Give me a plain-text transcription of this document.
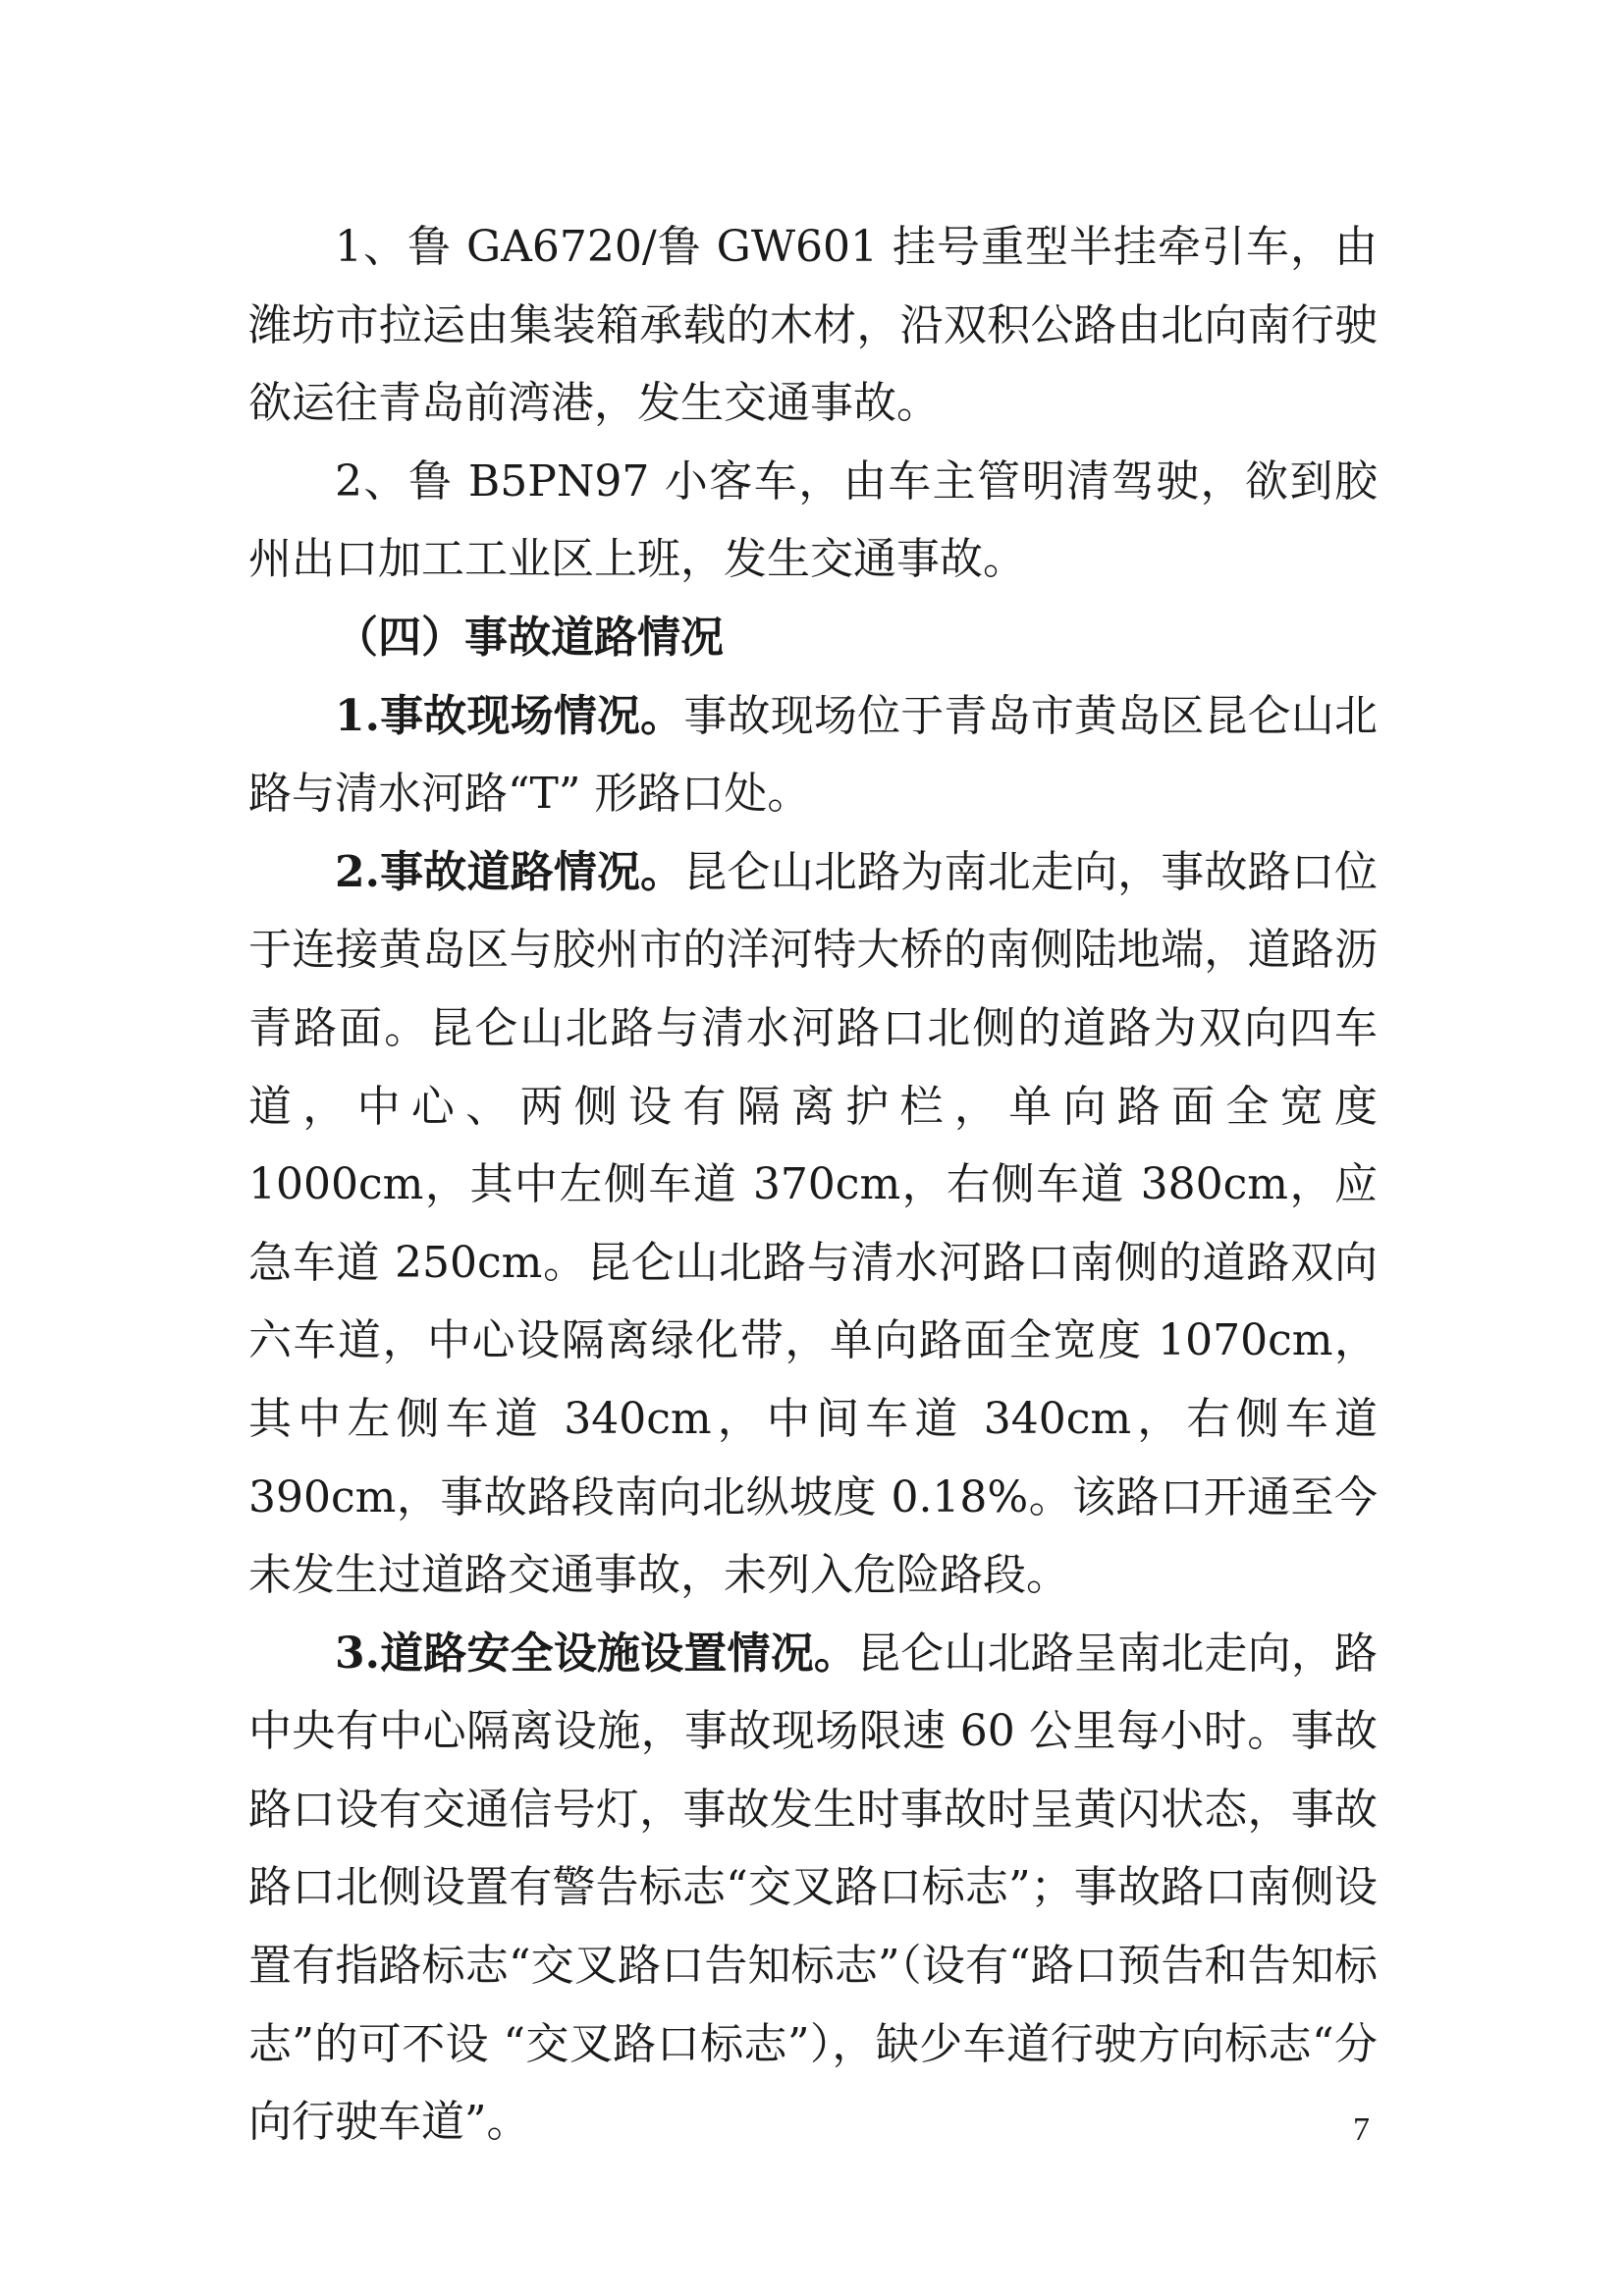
1、鲁 GA6720/鲁 GW601 挂号重型半挂牵引车，由潍坊市拉运由集装箱承载的木材，沿双积公路由北向南行驶欲运往青岛前湾港，发生交通事故。

2、鲁 B5PN97 小客车，由车主管明清驾驶，欲到胶州出口加工工业区上班，发生交通事故。

（四）事故道路情况

1.事故现场情况。事故现场位于青岛市黄岛区昆仑山北路与清水河路“T” 形路口处。

2.事故道路情况。昆仑山北路为南北走向，事故路口位于连接黄岛区与胶州市的洋河特大桥的南侧陆地端，道路沥青路面。昆仑山北路与清水河路口北侧的道路为双向四车道，中心、两侧设有隔离护栏，单向路面全宽度 1000cm，其中左侧车道 370cm，右侧车道 380cm，应急车道 250cm。昆仑山北路与清水河路口南侧的道路双向六车道，中心设隔离绿化带，单向路面全宽度 1070cm，其中左侧车道 340cm，中间车道 340cm，右侧车道 390cm，事故路段南向北纵坡度 0.18%。该路口开通至今未发生过道路交通事故，未列入危险路段。

3.道路安全设施设置情况。昆仑山北路呈南北走向，路中央有中心隔离设施，事故现场限速 60 公里每小时。事故路口设有交通信号灯，事故发生时事故时呈黄闪状态，事故路口北侧设置有警告标志“交叉路口标志”；事故路口南侧设置有指路标志“交叉路口告知标志”（设有“路口预告和告知标志”的可不设 “交叉路口标志”），缺少车道行驶方向标志“分向行驶车道”。	7
